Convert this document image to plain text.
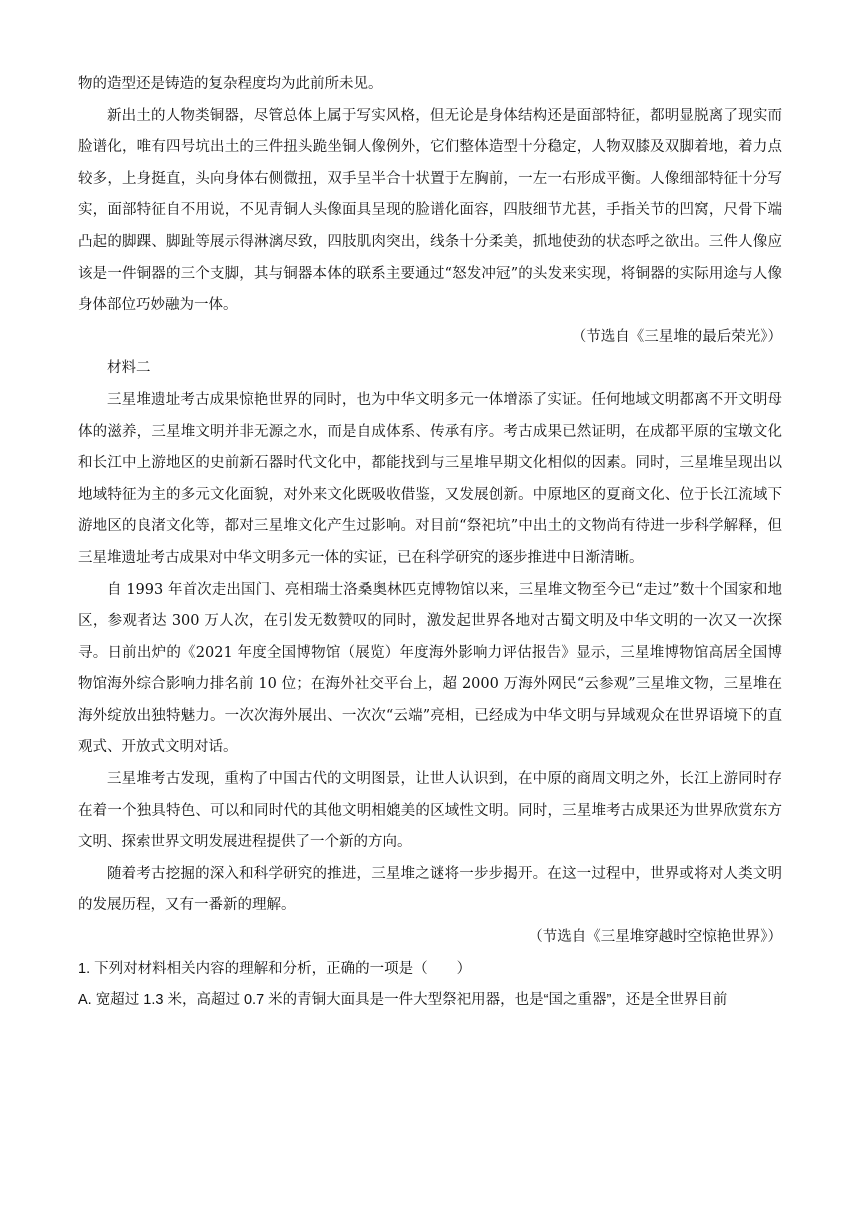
物的造型还是铸造的复杂程度均为此前所未见。

新出土的人物类铜器，尽管总体上属于写实风格，但无论是身体结构还是面部特征，都明显脱离了现实而脸谱化，唯有四号坑出土的三件扭头跪坐铜人像例外，它们整体造型十分稳定，人物双膝及双脚着地，着力点较多，上身挺直，头向身体右侧微扭，双手呈半合十状置于左胸前，一左一右形成平衡。人像细部特征十分写实，面部特征自不用说，不见青铜人头像面具呈现的脸谱化面容，四肢细节尤甚，手指关节的凹窝，尺骨下端凸起的脚踝、脚趾等展示得淋漓尽致，四肢肌肉突出，线条十分柔美，抓地使劲的状态呼之欲出。三件人像应该是一件铜器的三个支脚，其与铜器本体的联系主要通过“怒发冲冠”的头发来实现，将铜器的实际用途与人像身体部位巧妙融为一体。

（节选自《三星堆的最后荣光》）

材料二

三星堆遗址考古成果惊艳世界的同时，也为中华文明多元一体增添了实证。任何地域文明都离不开文明母体的滋养，三星堆文明并非无源之水，而是自成体系、传承有序。考古成果已然证明，在成都平原的宝墩文化和长江中上游地区的史前新石器时代文化中，都能找到与三星堆早期文化相似的因素。同时，三星堆呈现出以地域特征为主的多元文化面貌，对外来文化既吸收借鉴，又发展创新。中原地区的夏商文化、位于长江流域下游地区的良渚文化等，都对三星堆文化产生过影响。对目前“祭祀坑”中出土的文物尚有待进一步科学解释，但三星堆遗址考古成果对中华文明多元一体的实证，已在科学研究的逐步推进中日渐清晰。

自 1993 年首次走出国门、亮相瑞士洛桑奥林匹克博物馆以来，三星堆文物至今已“走过”数十个国家和地区，参观者达 300 万人次，在引发无数赞叹的同时，激发起世界各地对古蜀文明及中华文明的一次又一次探寻。日前出炉的《2021 年度全国博物馆（展览）年度海外影响力评估报告》显示，三星堆博物馆高居全国博物馆海外综合影响力排名前 10 位；在海外社交平台上，超 2000 万海外网民“云参观”三星堆文物，三星堆在海外绽放出独特魅力。一次次海外展出、一次次“云端”亮相，已经成为中华文明与异域观众在世界语境下的直观式、开放式文明对话。

三星堆考古发现，重构了中国古代的文明图景，让世人认识到，在中原的商周文明之外，长江上游同时存在着一个独具特色、可以和同时代的其他文明相媲美的区域性文明。同时，三星堆考古成果还为世界欣赏东方文明、探索世界文明发展进程提供了一个新的方向。

随着考古挖掘的深入和科学研究的推进，三星堆之谜将一步步揭开。在这一过程中，世界或将对人类文明的发展历程，又有一番新的理解。

（节选自《三星堆穿越时空惊艳世界》）

1. 下列对材料相关内容的理解和分析，正确的一项是（　　）

A. 宽超过 1.3 米，高超过 0.7 米的青铜大面具是一件大型祭祀用器，也是“国之重器”，还是全世界目前
